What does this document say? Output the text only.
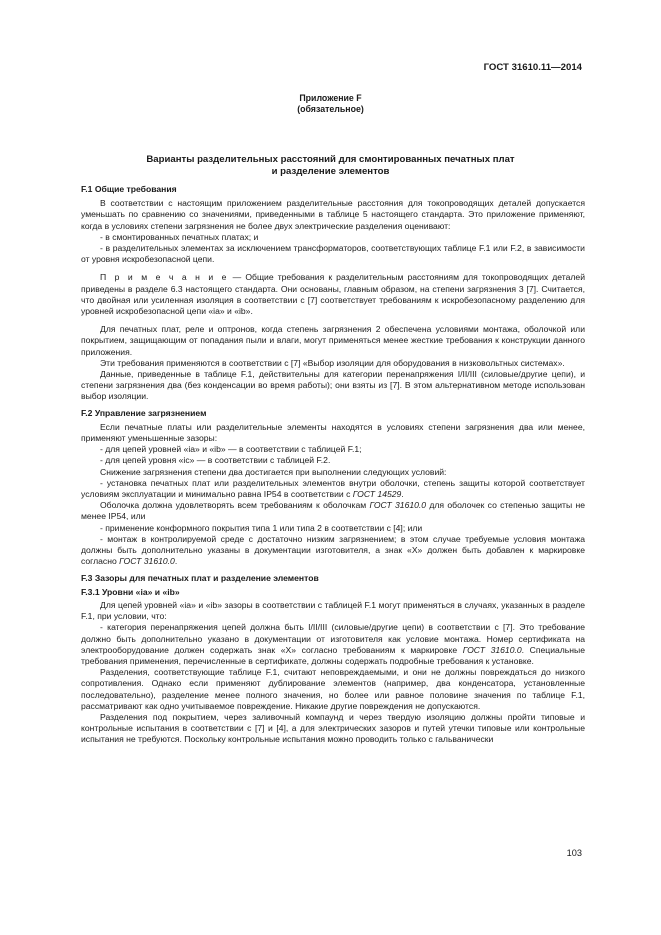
ГОСТ 31610.11—2014
Приложение F
(обязательное)
Варианты разделительных расстояний для смонтированных печатных плат
и разделение элементов
F.1 Общие требования

В соответствии с настоящим приложением разделительные расстояния для токопроводящих деталей допускается уменьшать по сравнению со значениями, приведенными в таблице 5 настоящего стандарта. Это приложение применяют, когда в условиях степени загрязнения не более двух электрические разделения оценивают:

- в смонтированных печатных платах; и

- в разделительных элементах за исключением трансформаторов, соответствующих таблице F.1 или F.2, в зависимости от уровня искробезопасной цепи.

П р и м е ч а н и е — Общие требования к разделительным расстояниям для токопроводящих деталей приведены в разделе 6.3 настоящего стандарта. Они основаны, главным образом, на степени загрязнения 3 [7]. Считается, что двойная или усиленная изоляция в соответствии с [7] соответствует требованиям к искробезопасному разделению для уровней искробезопасной цепи «ia» и «ib».

Для печатных плат, реле и оптронов, когда степень загрязнения 2 обеспечена условиями монтажа, оболочкой или покрытием, защищающим от попадания пыли и влаги, могут применяться менее жесткие требования к конструкции данного приложения.

Эти требования применяются в соответствии с [7] «Выбор изоляции для оборудования в низковольтных системах».

Данные, приведенные в таблице F.1, действительны для категории перенапряжения I/II/III (силовые/другие цепи), и степени загрязнения два (без конденсации во время работы); они взяты из [7]. В этом альтернативном методе использован выбор изоляции.

F.2 Управление загрязнением

Если печатные платы или разделительные элементы находятся в условиях степени загрязнения два или менее, применяют уменьшенные зазоры:

- для цепей уровней «ia» и «ib» — в соответствии с таблицей F.1;

- для цепей уровня «ic» — в соответствии с таблицей F.2.

Снижение загрязнения степени два достигается при выполнении следующих условий:

- установка печатных плат или разделительных элементов внутри оболочки, степень защиты которой соответствует условиям эксплуатации и минимально равна IP54 в соответствии с ГОСТ 14529.

Оболочка должна удовлетворять всем требованиям к оболочкам ГОСТ 31610.0 для оболочек со степенью защиты не менее IP54, или

- применение конформного покрытия типа 1 или типа 2 в соответствии с [4]; или

- монтаж в контролируемой среде с достаточно низким загрязнением; в этом случае требуемые условия монтажа должны быть дополнительно указаны в документации изготовителя, а знак «X» должен быть добавлен к маркировке согласно ГОСТ 31610.0.

F.3 Зазоры для печатных плат и разделение элементов
F.3.1 Уровни «ia» и «ib»

Для цепей уровней «ia» и «ib» зазоры в соответствии с таблицей F.1 могут применяться в случаях, указанных в разделе F.1, при условии, что:

- категория перенапряжения цепей должна быть I/II/III (силовые/другие цепи) в соответствии с [7]. Это требование должно быть дополнительно указано в документации от изготовителя как условие монтажа. Номер сертификата на электрооборудование должен содержать знак «X» согласно требованиям к маркировке ГОСТ 31610.0. Специальные требования применения, перечисленные в сертификате, должны содержать подробные требования к установке.

Разделения, соответствующие таблице F.1, считают неповреждаемыми, и они не должны повреждаться до низкого сопротивления. Однако если применяют дублирование элементов (например, два конденсатора, установленные последовательно), разделение менее полного значения, но более или равное половине значения по таблице F.1, рассматривают как одно учитываемое повреждение. Никакие другие повреждения не допускаются.

Разделения под покрытием, через заливочный компаунд и через твердую изоляцию должны пройти типовые и контрольные испытания в соответствии с [7] и [4], а для электрических зазоров и путей утечки типовые или контрольные испытания не требуются. Поскольку контрольные испытания можно проводить только с гальванически

103
